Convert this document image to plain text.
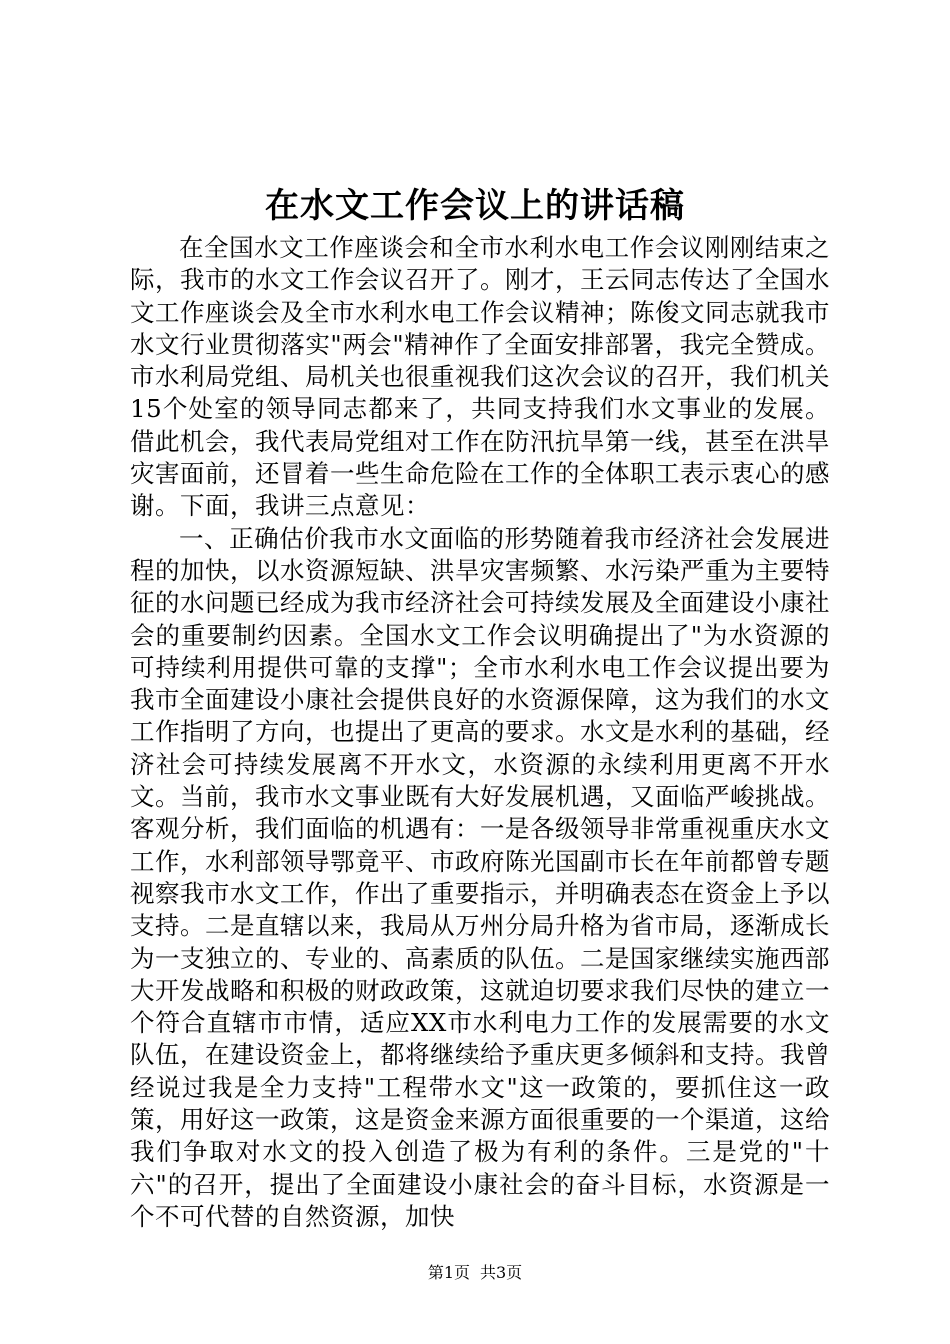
在水文工作会议上的讲话稿

在全国水文工作座谈会和全市水利水电工作会议刚刚结束之际，我市的水文工作会议召开了。刚才，王云同志传达了全国水文工作座谈会及全市水利水电工作会议精神；陈俊文同志就我市水文行业贯彻落实"两会"精神作了全面安排部署，我完全赞成。市水利局党组、局机关也很重视我们这次会议的召开，我们机关15个处室的领导同志都来了，共同支持我们水文事业的发展。借此机会，我代表局党组对工作在防汛抗旱第一线，甚至在洪旱灾害面前，还冒着一些生命危险在工作的全体职工表示衷心的感谢。下面，我讲三点意见：

一、正确估价我市水文面临的形势随着我市经济社会发展进程的加快，以水资源短缺、洪旱灾害频繁、水污染严重为主要特征的水问题已经成为我市经济社会可持续发展及全面建设小康社会的重要制约因素。全国水文工作会议明确提出了"为水资源的可持续利用提供可靠的支撑"；全市水利水电工作会议提出要为我市全面建设小康社会提供良好的水资源保障，这为我们的水文工作指明了方向，也提出了更高的要求。水文是水利的基础，经济社会可持续发展离不开水文，水资源的永续利用更离不开水文。当前，我市水文事业既有大好发展机遇，又面临严峻挑战。客观分析，我们面临的机遇有：一是各级领导非常重视重庆水文工作，水利部领导鄂竟平、市政府陈光国副市长在年前都曾专题视察我市水文工作，作出了重要指示，并明确表态在资金上予以支持。二是直辖以来，我局从万州分局升格为省市局，逐渐成长为一支独立的、专业的、高素质的队伍。二是国家继续实施西部大开发战略和积极的财政政策，这就迫切要求我们尽快的建立一个符合直辖市市情，适应XX市水利电力工作的发展需要的水文队伍，在建设资金上，都将继续给予重庆更多倾斜和支持。我曾经说过我是全力支持"工程带水文"这一政策的，要抓住这一政策，用好这一政策，这是资金来源方面很重要的一个渠道，这给我们争取对水文的投入创造了极为有利的条件。三是党的"十六"的召开，提出了全面建设小康社会的奋斗目标，水资源是一个不可代替的自然资源，加快

第1页 共3页
